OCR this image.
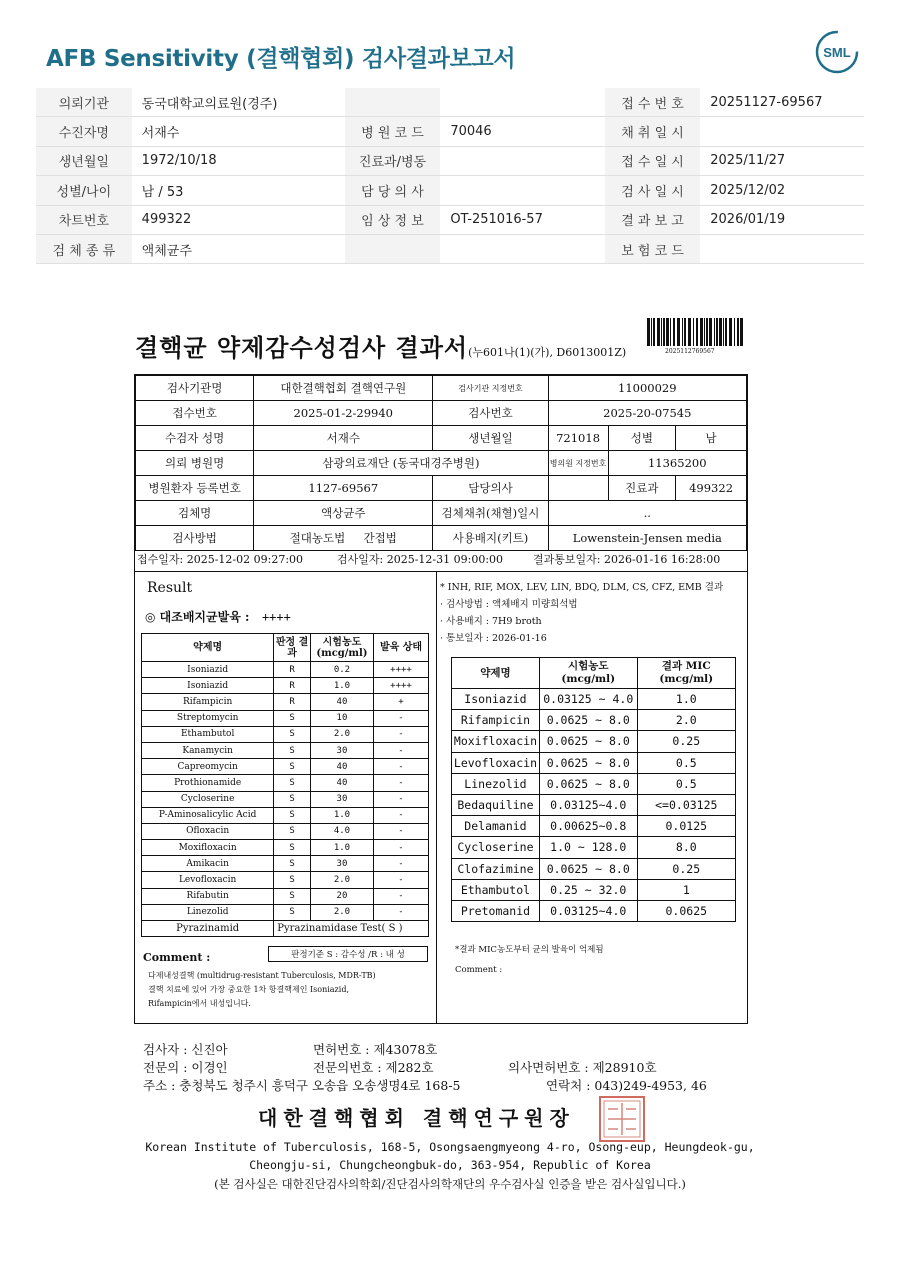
AFB Sensitivity (결핵협회) 검사결과보고서	SML
의뢰기관	동국대학교의료원(경주)			접 수 번 호	20251127-69567
수진자명	서재수	병 원 코 드	70046	채 취 일 시	
생년월일	1972/10/18	진료과/병동		접 수 일 시	2025/11/27
성별/나이	남 / 53	담 당 의 사		검 사 일 시	2025/12/02
차트번호	499322	임 상 정 보	OT-251016-57	결 과 보 고	2026/01/19
검 체 종 류	액체균주			보 험 코 드	
결핵균 약제감수성검사 결과서(누601나(1)(가), D6013001Z)	2025112769567
검사기관명	대한결핵협회 결핵연구원	검사기관 지정번호	11000029		
접수번호	2025-01-2-29940	검사번호	2025-20-07545		
수검자 성명	서재수	생년월일	721018	성별	남
의뢰 병원명	삼광의료재단 (동국대경주병원)		병의원 지정번호	11365200	
병원환자 등록번호	1127-69567	담당의사		진료과	499322
검체명	액상균주	검체채취(채혈)일시	..		
검사방법	절대농도법 간접법	사용배지(키트)	Lowenstein-Jensen media		
접수일자: 2025-12-02 09:27:00	검사일자: 2025-12-31 09:00:00	결과통보일자: 2026-01-16 16:28:00
Result
◎ 대조배지균발육 : ++++
약제명	판정 결과	시험농도 (mcg/ml)	발육 상태
Isoniazid	R	0.2	++++
Isoniazid	R	1.0	++++
Rifampicin	R	40	+
Streptomycin	S	10	-
Ethambutol	S	2.0	-
Kanamycin	S	30	-
Capreomycin	S	40	-
Prothionamide	S	40	-
Cycloserine	S	30	-
P-Aminosalicylic Acid	S	1.0	-
Ofloxacin	S	4.0	-
Moxifloxacin	S	1.0	-
Amikacin	S	30	-
Levofloxacin	S	2.0	-
Rifabutin	S	20	-
Linezolid	S	2.0	-
Pyrazinamid	Pyrazinamidase Test( S )		
Comment :	판정기준 S : 감수성 /R : 내 성
다제내성결핵 (multidrug-resistant Tuberculosis, MDR-TB)
결핵 치료에 있어 가장 중요한 1차 항결핵제인 Isoniazid,
Rifampicin에서 내성입니다.
* INH, RIF, MOX, LEV, LIN, BDQ, DLM, CS, CFZ, EMB 결과
· 검사방법 : 액체배지 미량희석법
· 사용배지 : 7H9 broth
· 통보일자 : 2026-01-16
약제명	시험농도 (mcg/ml)	결과 MIC (mcg/ml)
Isoniazid	0.03125 ~ 4.0	1.0
Rifampicin	0.0625 ~ 8.0	2.0
Moxifloxacin	0.0625 ~ 8.0	0.25
Levofloxacin	0.0625 ~ 8.0	0.5
Linezolid	0.0625 ~ 8.0	0.5
Bedaquiline	0.03125~4.0	<=0.03125
Delamanid	0.00625~0.8	0.0125
Cycloserine	1.0 ~ 128.0	8.0
Clofazimine	0.0625 ~ 8.0	0.25
Ethambutol	0.25 ~ 32.0	1
Pretomanid	0.03125~4.0	0.0625
*결과 MIC농도부터 균의 발육이 억제됨
Comment :
검사자 : 신진아	면허번호 : 제43078호
전문의 : 이경인	전문의번호 : 제282호	의사면허번호 : 제28910호
주소 : 충청북도 청주시 흥덕구 오송읍 오송생명4로 168-5	연락처 : 043)249-4953, 46
대한결핵협회 결핵연구원장
Korean Institute of Tuberculosis, 168-5, Osongsaengmyeong 4-ro, Osong-eup, Heungdeok-gu,
Cheongju-si, Chungcheongbuk-do, 363-954, Republic of Korea
(본 검사실은 대한진단검사의학회/진단검사의학재단의 우수검사실 인증을 받은 검사실입니다.)
